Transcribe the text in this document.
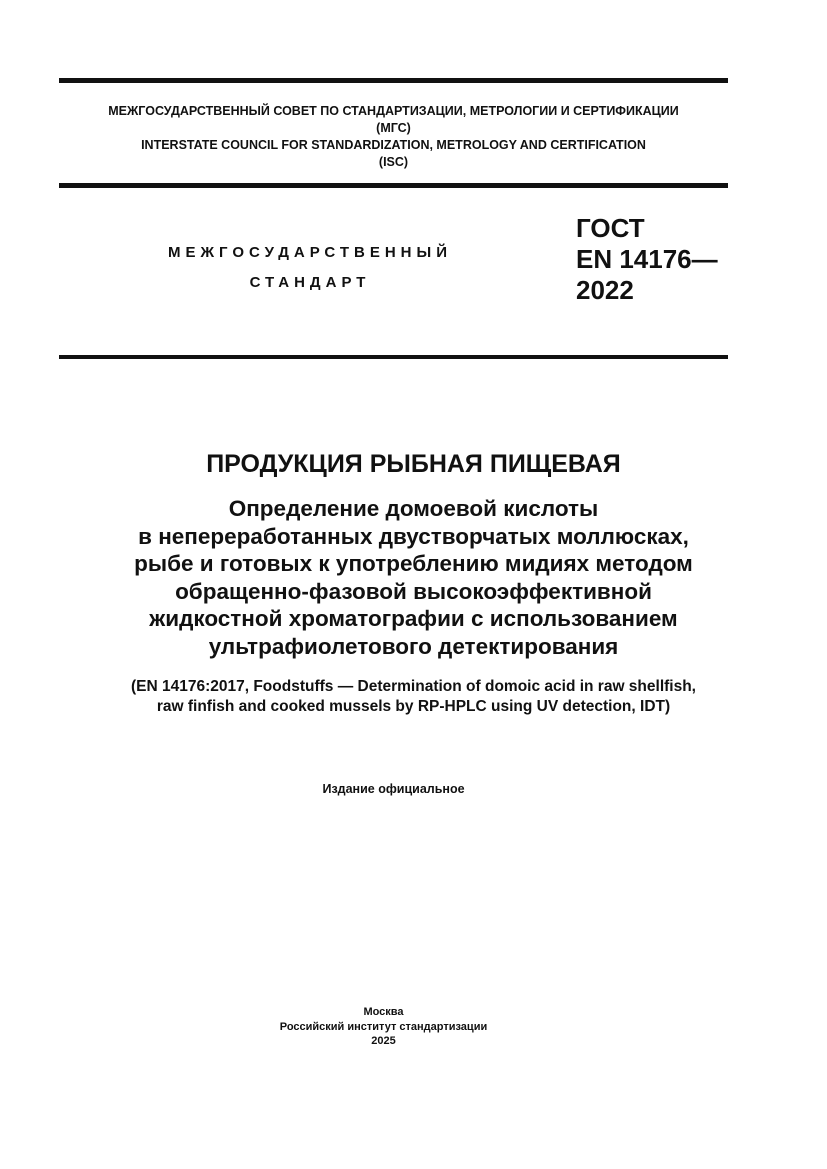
МЕЖГОСУДАРСТВЕННЫЙ СОВЕТ ПО СТАНДАРТИЗАЦИИ, МЕТРОЛОГИИ И СЕРТИФИКАЦИИ
(МГС)
INTERSTATE COUNCIL FOR STANDARDIZATION, METROLOGY AND CERTIFICATION
(ISC)
МЕЖГОСУДАРСТВЕННЫЙ
СТАНДАРТ
ГОСТ
EN 14176—
2022
ПРОДУКЦИЯ РЫБНАЯ ПИЩЕВАЯ
Определение домоевой кислоты
в непереработанных двустворчатых моллюсках,
рыбе и готовых к употреблению мидиях методом
обращенно-фазовой высокоэффективной
жидкостной хроматографии с использованием
ультрафиолетового детектирования
(EN 14176:2017, Foodstuffs — Determination of domoic acid in raw shellfish,
raw finfish and cooked mussels by RP-HPLC using UV detection, IDT)
Издание официальное
Москва
Российский институт стандартизации
2025
